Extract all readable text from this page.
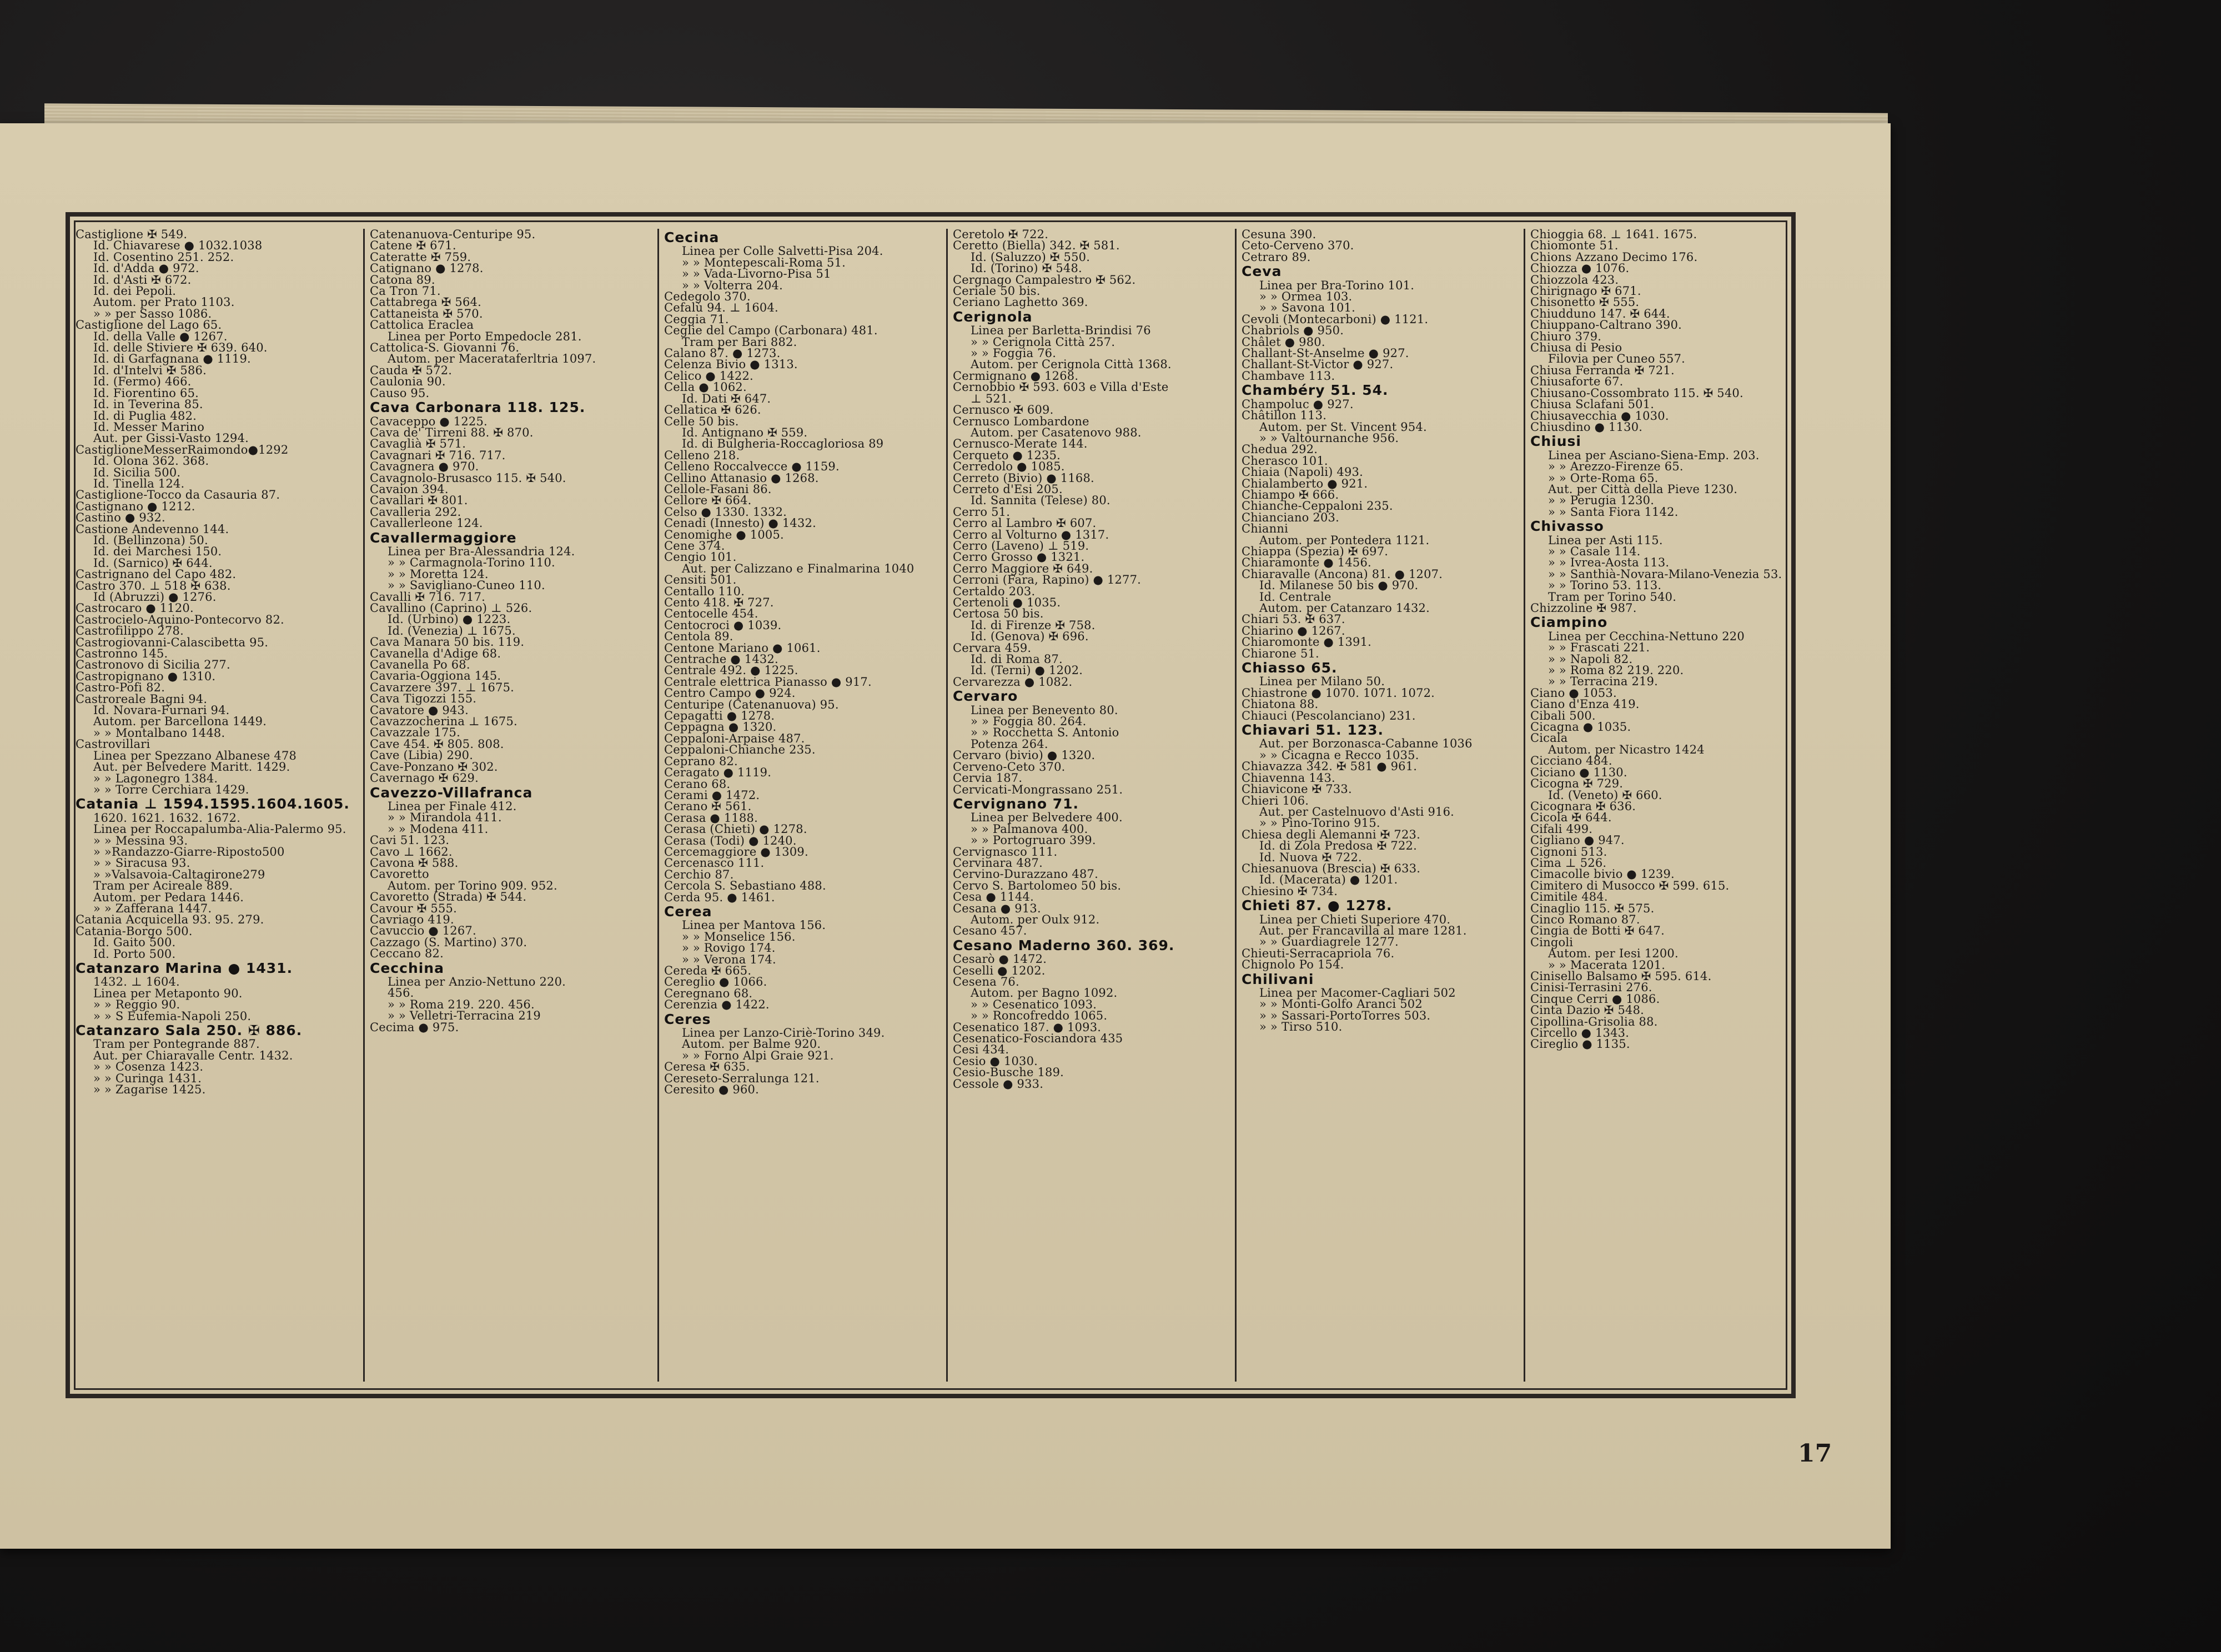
Castiglione ✠ 549.
Id. Chiavarese ● 1032.1038
Id. Cosentino 251. 252.
Id. d'Adda ● 972.
Id. d'Asti ✠ 672.
Id. dei Pepoli.
Autom. per Prato 1103.
» » per Sasso 1086.
Castiglione del Lago 65.
Id. della Valle ● 1267.
Id. delle Stiviere ✠ 639. 640.
Id. di Garfagnana ● 1119.
Id. d'Intelvi ✠ 586.
Id. (Fermo) 466.
Id. Fiorentino 65.
Id. in Teverina 85.
Id. di Puglia 482.
Id. Messer Marino
Aut. per Gissi-Vasto 1294.
CastiglioneMesserRaimondo●1292
Id. Olona 362. 368.
Id. Sicilia 500.
Id. Tinella 124.
Castiglione-Tocco da Casauria 87.
Castignano ● 1212.
Castino ● 932.
Castione Andevenno 144.
Id. (Bellinzona) 50.
Id. dei Marchesi 150.
Id. (Sarnico) ✠ 644.
Castrignano del Capo 482.
Castro 370. ⊥ 518 ✠ 638.
Id (Abruzzi) ● 1276.
Castrocaro ● 1120.
Castrocielo-Aquino-Pontecorvo 82.
Castrofilippo 278.
Castrogiovanni-Calascibetta 95.
Castronno 145.
Castronovo di Sicilia 277.
Castropignano ● 1310.
Castro-Pofi 82.
Castroreale Bagni 94.
Id. Novara-Furnari 94.
Autom. per Barcellona 1449.
» » Montalbano 1448.
Castrovillari
Linea per Spezzano Albanese 478
Aut. per Belvedere Maritt. 1429.
» » Lagonegro 1384.
» » Torre Cerchiara 1429.
Catania ⊥ 1594.1595.1604.1605.
1620. 1621. 1632. 1672.
Linea per Roccapalumba-Alia-Palermo 95.
» » Messina 93.
» »Randazzo-Giarre-Riposto500
» » Siracusa 93.
» »Valsavoia-Caltagirone279
Tram per Acireale 889.
Autom. per Pedara 1446.
» » Zafferana 1447.
Catania Acquicella 93. 95. 279.
Catania-Borgo 500.
Id. Gaito 500.
Id. Porto 500.
Catanzaro Marina ● 1431.
1432. ⊥ 1604.
Linea per Metaponto 90.
» » Reggio 90.
» » S Eufemia-Napoli 250.
Catanzaro Sala 250. ✠ 886.
Tram per Pontegrande 887.
Aut. per Chiaravalle Centr. 1432.
» » Cosenza 1423.
» » Curinga 1431.
» » Zagarise 1425.
Catenanuova-Centuripe 95.
Catene ✠ 671.
Cateratte ✠ 759.
Catignano ● 1278.
Catona 89.
Ca Tron 71.
Cattabrega ✠ 564.
Cattaneista ✠ 570.
Cattolica Eraclea
Linea per Porto Empedocle 281.
Cattolica-S. Giovanni 76.
Autom. per Macerataferltria 1097.
Cauda ✠ 572.
Caulonia 90.
Causo 95.
Cava Carbonara 118. 125.
Cavaceppo ● 1225.
Cava de' Tirreni 88. ✠ 870.
Cavaglià ✠ 571.
Cavagnari ✠ 716. 717.
Cavagnera ● 970.
Cavagnolo-Brusasco 115. ✠ 540.
Cavaion 394.
Cavallari ✠ 801.
Cavalleria 292.
Cavallerleone 124.
Cavallermaggiore
Linea per Bra-Alessandria 124.
» » Carmagnola-Torino 110.
» » Moretta 124.
» » Savigliano-Cuneo 110.
Cavalli ✠ 716. 717.
Cavallino (Caprino) ⊥ 526.
Id. (Urbino) ● 1223.
Id. (Venezia) ⊥ 1675.
Cava Manara 50 bis. 119.
Cavanella d'Adige 68.
Cavanella Po 68.
Cavaria-Oggiona 145.
Cavarzere 397. ⊥ 1675.
Cava Tigozzi 155.
Cavatore ● 943.
Cavazzocherina ⊥ 1675.
Cavazzale 175.
Cave 454. ✠ 805. 808.
Cave (Libia) 290.
Cave-Ponzano ✠ 302.
Cavernago ✠ 629.
Cavezzo-Villafranca
Linea per Finale 412.
» » Mirandola 411.
» » Modena 411.
Cavi 51. 123.
Cavo ⊥ 1662.
Cavona ✠ 588.
Cavoretto
Autom. per Torino 909. 952.
Cavoretto (Strada) ✠ 544.
Cavour ✠ 555.
Cavriago 419.
Cavuccio ● 1267.
Cazzago (S. Martino) 370.
Ceccano 82.
Cecchina
Linea per Anzio-Nettuno 220.
456.
» » Roma 219. 220. 456.
» » Velletri-Terracina 219
Cecima ● 975.
Cecina
Linea per Colle Salvetti-Pisa 204.
» » Montepescali-Roma 51.
» » Vada-Livorno-Pisa 51
» » Volterra 204.
Cedegolo 370.
Cefalù 94. ⊥ 1604.
Ceggia 71.
Ceglie del Campo (Carbonara) 481.
Tram per Bari 882.
Calano 87. ● 1273.
Celenza Bivio ● 1313.
Celico ● 1422.
Cella ● 1062.
Id. Dati ✠ 647.
Cellatica ✠ 626.
Celle 50 bis.
Id. Antignano ✠ 559.
Id. di Bulgheria-Roccagloriosa 89
Celleno 218.
Celleno Roccalvecce ● 1159.
Cellino Attanasio ● 1268.
Cellole-Fasani 86.
Cellore ✠ 664.
Celso ● 1330. 1332.
Cenadi (Innesto) ● 1432.
Cenomighe ● 1005.
Cene 374.
Cengio 101.
Aut. per Calizzano e Finalmarina 1040
Censiti 501.
Centallo 110.
Cento 418. ✠ 727.
Centocelle 454.
Centocroci ● 1039.
Centola 89.
Centone Mariano ● 1061.
Centrache ● 1432.
Centrale 492. ● 1225.
Centrale elettrica Pianasso ● 917.
Centro Campo ● 924.
Centuripe (Catenanuova) 95.
Cepagatti ● 1278.
Ceppagna ● 1320.
Ceppaloni-Arpaise 487.
Ceppaloni-Chianche 235.
Ceprano 82.
Ceragato ● 1119.
Cerano 68.
Cerami ● 1472.
Cerano ✠ 561.
Cerasa ● 1188.
Cerasa (Chieti) ● 1278.
Cerasa (Todi) ● 1240.
Cercemaggiore ● 1309.
Cercenasco 111.
Cerchio 87.
Cercola S. Sebastiano 488.
Cerda 95. ● 1461.
Cerea
Linea per Mantova 156.
» » Monselice 156.
» » Rovigo 174.
» » Verona 174.
Cereda ✠ 665.
Cereglio ● 1066.
Ceregnano 68.
Cerenzia ● 1422.
Ceres
Linea per Lanzo-Ciriè-Torino 349.
Autom. per Balme 920.
» » Forno Alpi Graie 921.
Ceresa ✠ 635.
Cereseto-Serralunga 121.
Ceresito ● 960.
Ceretolo ✠ 722.
Ceretto (Biella) 342. ✠ 581.
Id. (Saluzzo) ✠ 550.
Id. (Torino) ✠ 548.
Cergnago Campalestro ✠ 562.
Ceriale 50 bis.
Ceriano Laghetto 369.
Cerignola
Linea per Barletta-Brindisi 76
» » Cerignola Città 257.
» » Foggia 76.
Autom. per Cerignola Città 1368.
Cermignano ● 1268.
Cernobbio ✠ 593. 603 e Villa d'Este
⊥ 521.
Cernusco ✠ 609.
Cernusco Lombardone
Autom. per Casatenovo 988.
Cernusco-Merate 144.
Cerqueto ● 1235.
Cerredolo ● 1085.
Cerreto (Bivio) ● 1168.
Cerreto d'Esi 205.
Id. Sannita (Telese) 80.
Cerro 51.
Cerro al Lambro ✠ 607.
Cerro al Volturno ● 1317.
Cerro (Laveno) ⊥ 519.
Cerro Grosso ● 1321.
Cerro Maggiore ✠ 649.
Cerroni (Fara, Rapino) ● 1277.
Certaldo 203.
Certenoli ● 1035.
Certosa 50 bis.
Id. di Firenze ✠ 758.
Id. (Genova) ✠ 696.
Cervara 459.
Id. di Roma 87.
Id. (Terni) ● 1202.
Cervarezza ● 1082.
Cervaro
Linea per Benevento 80.
» » Foggia 80. 264.
» » Rocchetta S. Antonio
Potenza 264.
Cervaro (bivio) ● 1320.
Cerveno-Ceto 370.
Cervia 187.
Cervicati-Mongrassano 251.
Cervignano 71.
Linea per Belvedere 400.
» » Palmanova 400.
» » Portogruaro 399.
Cervignasco 111.
Cervinara 487.
Cervino-Durazzano 487.
Cervo S. Bartolomeo 50 bis.
Cesa ● 1144.
Cesana ● 913.
Autom. per Oulx 912.
Cesano 457.
Cesano Maderno 360. 369.
Cesarò ● 1472.
Ceselli ● 1202.
Cesena 76.
Autom. per Bagno 1092.
» » Cesenatico 1093.
» » Roncofreddo 1065.
Cesenatico 187. ● 1093.
Cesenatico-Fosciandora 435
Cesi 434.
Cesio ● 1030.
Cesio-Busche 189.
Cessole ● 933.
Cesuna 390.
Ceto-Cerveno 370.
Cetraro 89.
Ceva
Linea per Bra-Torino 101.
» » Ormea 103.
» » Savona 101.
Cevoli (Montecarboni) ● 1121.
Chabriols ● 950.
Châlet ● 980.
Challant-St-Anselme ● 927.
Challant-St-Victor ● 927.
Chambave 113.
Chambéry 51. 54.
Champoluc ● 927.
Châtillon 113.
Autom. per St. Vincent 954.
» » Valtournanche 956.
Chedua 292.
Cherasco 101.
Chiaia (Napoli) 493.
Chialamberto ● 921.
Chiampo ✠ 666.
Chianche-Ceppaloni 235.
Chianciano 203.
Chianni
Autom. per Pontedera 1121.
Chiappa (Spezia) ✠ 697.
Chiaramonte ● 1456.
Chiaravalle (Ancona) 81. ● 1207.
Id. Milanese 50 bis ● 970.
Id. Centrale
Autom. per Catanzaro 1432.
Chiari 53. ✠ 637.
Chiarino ● 1267.
Chiaromonte ● 1391.
Chiarone 51.
Chiasso 65.
Linea per Milano 50.
Chiastrone ● 1070. 1071. 1072.
Chiatona 88.
Chiauci (Pescolanciano) 231.
Chiavari 51. 123.
Aut. per Borzonasca-Cabanne 1036
» » Cicagna e Recco 1035.
Chiavazza 342. ✠ 581 ● 961.
Chiavenna 143.
Chiavicone ✠ 733.
Chieri 106.
Aut. per Castelnuovo d'Asti 916.
» » Pino-Torino 915.
Chiesa degli Alemanni ✠ 723.
Id. di Zola Predosa ✠ 722.
Id. Nuova ✠ 722.
Chiesanuova (Brescia) ✠ 633.
Id. (Macerata) ● 1201.
Chiesino ✠ 734.
Chieti 87. ● 1278.
Linea per Chieti Superiore 470.
Aut. per Francavilla al mare 1281.
» » Guardiagrele 1277.
Chieuti-Serracapriola 76.
Chignolo Po 154.
Chilivani
Linea per Macomer-Cagliari 502
» » Monti-Golfo Aranci 502
» » Sassari-PortoTorres 503.
» » Tirso 510.
Chioggia 68. ⊥ 1641. 1675.
Chiomonte 51.
Chions Azzano Decimo 176.
Chiozza ● 1076.
Chiozzola 423.
Chirignago ✠ 671.
Chisonetto ✠ 555.
Chiudduno 147. ✠ 644.
Chiuppano-Caltrano 390.
Chiuro 379.
Chiusa di Pesio
Filovia per Cuneo 557.
Chiusa Ferranda ✠ 721.
Chiusaforte 67.
Chiusano-Cossombrato 115. ✠ 540.
Chiusa Sclafani 501.
Chiusavecchia ● 1030.
Chiusdino ● 1130.
Chiusi
Linea per Asciano-Siena-Emp. 203.
» » Arezzo-Firenze 65.
» » Orte-Roma 65.
Aut. per Città della Pieve 1230.
» » Perugia 1230.
» » Santa Fiora 1142.
Chivasso
Linea per Asti 115.
» » Casale 114.
» » Ivrea-Aosta 113.
» » Santhià-Novara-Milano-Venezia 53.
» » Torino 53. 113.
Tram per Torino 540.
Chizzoline ✠ 987.
Ciampino
Linea per Cecchina-Nettuno 220
» » Frascati 221.
» » Napoli 82.
» » Roma 82 219. 220.
» » Terracina 219.
Ciano ● 1053.
Ciano d'Enza 419.
Cibali 500.
Cicagna ● 1035.
Cicala
Autom. per Nicastro 1424
Cicciano 484.
Ciciano ● 1130.
Cicogna ✠ 729.
Id. (Veneto) ✠ 660.
Cicognara ✠ 636.
Cicola ✠ 644.
Cifali 499.
Cigliano ● 947.
Cignoni 513.
Cima ⊥ 526.
Cimacolle bivio ● 1239.
Cimitero di Musocco ✠ 599. 615.
Cimitile 484.
Cinaglio 115. ✠ 575.
Cinco Romano 87.
Cingia de Botti ✠ 647.
Cingoli
Autom. per Iesi 1200.
» » Macerata 1201.
Cinisello Balsamo ✠ 595. 614.
Cinisi-Terrasini 276.
Cinque Cerri ● 1086.
Cinta Dazio ✠ 548.
Cipollina-Grisolia 88.
Circello ● 1343.
Cireglio ● 1135.
17
